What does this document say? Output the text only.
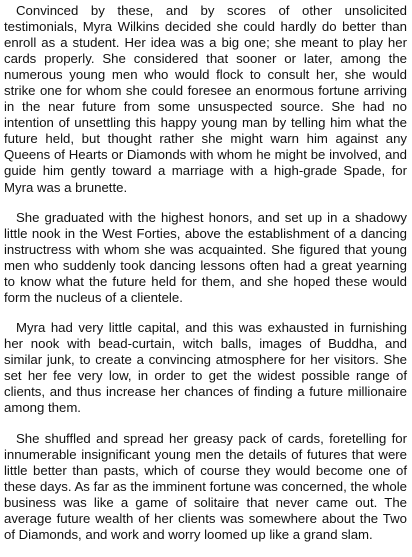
Convinced by these, and by scores of other unsolicited testimonials, Myra Wilkins decided she could hardly do better than enroll as a student. Her idea was a big one; she meant to play her cards properly. She considered that sooner or later, among the numerous young men who would flock to consult her, she would strike one for whom she could foresee an enormous fortune arriving in the near future from some unsuspected source. She had no intention of unsettling this happy young man by telling him what the future held, but thought rather she might warn him against any Queens of Hearts or Diamonds with whom he might be involved, and guide him gently toward a marriage with a high-grade Spade, for Myra was a brunette.

She graduated with the highest honors, and set up in a shadowy little nook in the West Forties, above the establishment of a dancing instructress with whom she was acquainted. She figured that young men who suddenly took dancing lessons often had a great yearning to know what the future held for them, and she hoped these would form the nucleus of a clientele.

Myra had very little capital, and this was exhausted in furnishing her nook with bead-curtain, witch balls, images of Buddha, and similar junk, to create a convincing atmosphere for her visitors. She set her fee very low, in order to get the widest possible range of clients, and thus increase her chances of finding a future millionaire among them.

She shuffled and spread her greasy pack of cards, foretelling for innumerable insignificant young men the details of futures that were little better than pasts, which of course they would become one of these days. As far as the imminent fortune was concerned, the whole business was like a game of solitaire that never came out. The average future wealth of her clients was somewhere about the Two of Diamonds, and work and worry loomed up like a grand slam.
